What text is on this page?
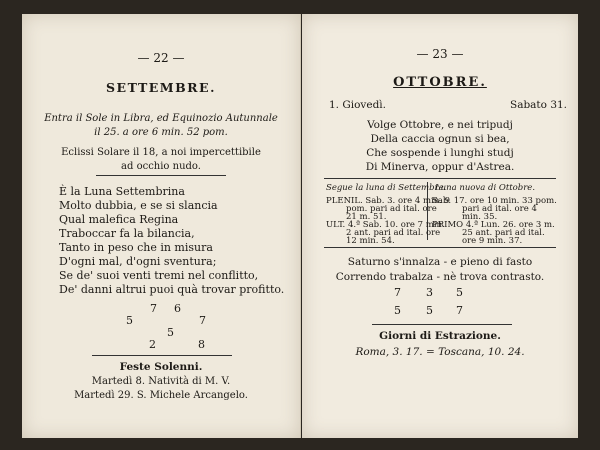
— 22 —
SETTEMBRE.
Entra il Sole in Libra, ed Equinozio Autunnale
il 25. a ore 6 min. 52 pom.
Eclissi Solare il 18, a noi impercettibile
ad occhio nudo.
È la Luna Settembrina
Molto dubbia, e se si slancia
Qual malefica Regina
Traboccar fa la bilancia,
Tanto in peso che in misura
D'ogni mal, d'ogni sventura;
Se de' suoi venti tremi nel conflitto,
De' danni altrui puoi quà trovar profitto.
7 6
5	7
5
2	8
Feste Solenni.
Martedì 8. Natività di M. V.
Martedì 29. S. Michele Arcangelo.
— 23 —
OTTOBRE.
1. Giovedì.	Sabato 31.
Volge Ottobre, e nei tripudj
Della caccia ognun si bea,
Che sospende i lunghi studj
Di Minerva, oppur d'Astrea.
Segue la luna di Settembre.
PLENIL. Sab. 3. ore 4 min. 9
pom. pari ad ital. ore
21 m. 51.
ULT. 4.ª Sab. 10. ore 7 min.
2 ant. pari ad ital. ore
12 min. 54.
Luna nuova di Ottobre.
Sab. 17. ore 10 min. 33 pom.
pari ad ital. ore 4
min. 35.
PRIMO 4.ª Lun. 26. ore 3 m.
25 ant. pari ad ital.
ore 9 min. 37.
Saturno s'innalza - e pieno di fasto
Correndo trabalza - nè trova contrasto.
7 3 5
5 5 7
Giorni di Estrazione.
Roma, 3. 17. = Toscana, 10. 24.
